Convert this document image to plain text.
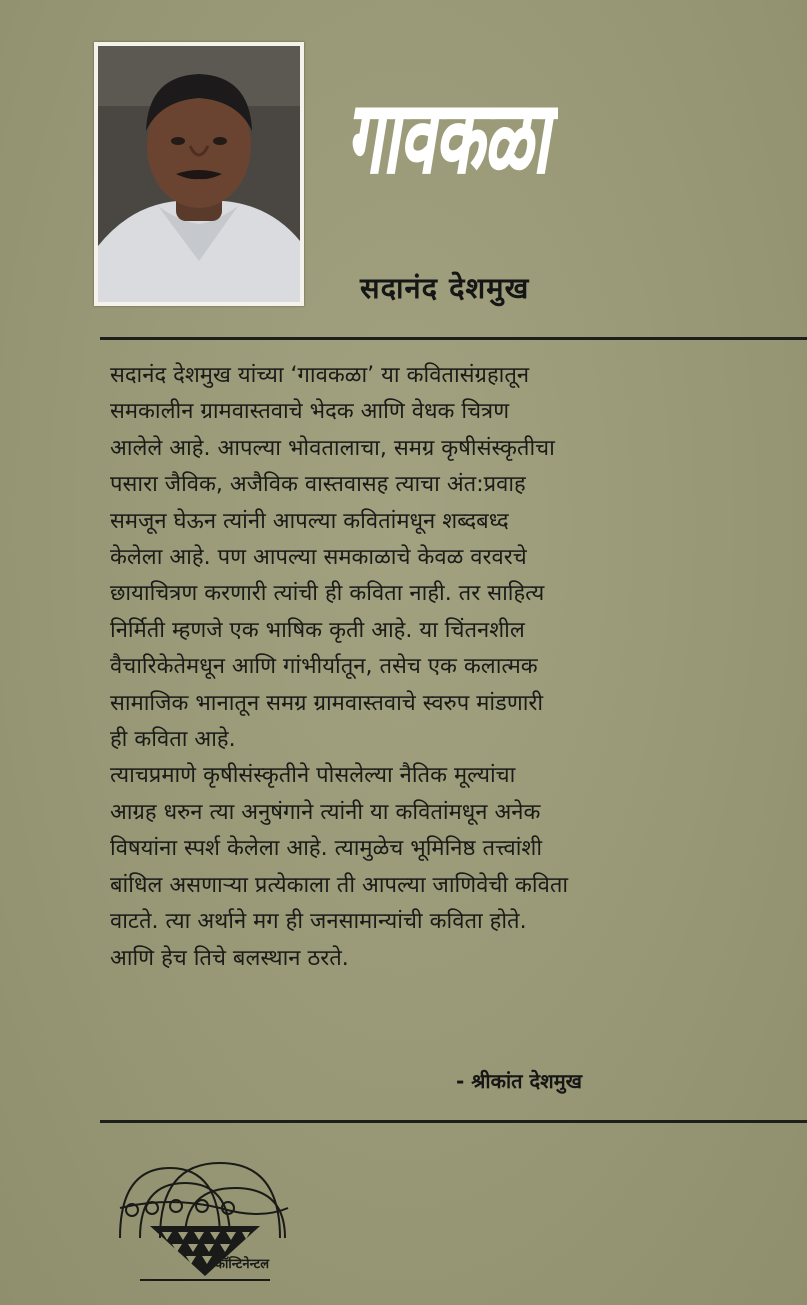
गावकळा
सदानंद देशमुख

सदानंद देशमुख यांच्या ‘गावकळा’ या कवितासंग्रहातून
समकालीन ग्रामवास्तवाचे भेदक आणि वेधक चित्रण
आलेले आहे. आपल्या भोवतालाचा, समग्र कृषीसंस्कृतीचा
पसारा जैविक, अजैविक वास्तवासह त्याचा अंत:प्रवाह
समजून घेऊन त्यांनी आपल्या कवितांमधून शब्दबध्द
केलेला आहे. पण आपल्या समकाळाचे केवळ वरवरचे
छायाचित्रण करणारी त्यांची ही कविता नाही. तर साहित्य
निर्मिती म्हणजे एक भाषिक कृती आहे. या चिंतनशील
वैचारिकेतेमधून आणि गांभीर्यातून, तसेच एक कलात्मक
सामाजिक भानातून समग्र ग्रामवास्तवाचे स्वरुप मांडणारी
ही कविता आहे.

त्याचप्रमाणे कृषीसंस्कृतीने पोसलेल्या नैतिक मूल्यांचा
आग्रह धरुन त्या अनुषंगाने त्यांनी या कवितांमधून अनेक
विषयांना स्पर्श केलेला आहे. त्यामुळेच भूमिनिष्ठ तत्त्वांशी
बांधिल असणाऱ्या प्रत्येकाला ती आपल्या जाणिवेची कविता
वाटते. त्या अर्थाने मग ही जनसामान्यांची कविता होते.
आणि हेच तिचे बलस्थान ठरते.

- श्रीकांत देशमुख
कॉन्टिनेन्टल
